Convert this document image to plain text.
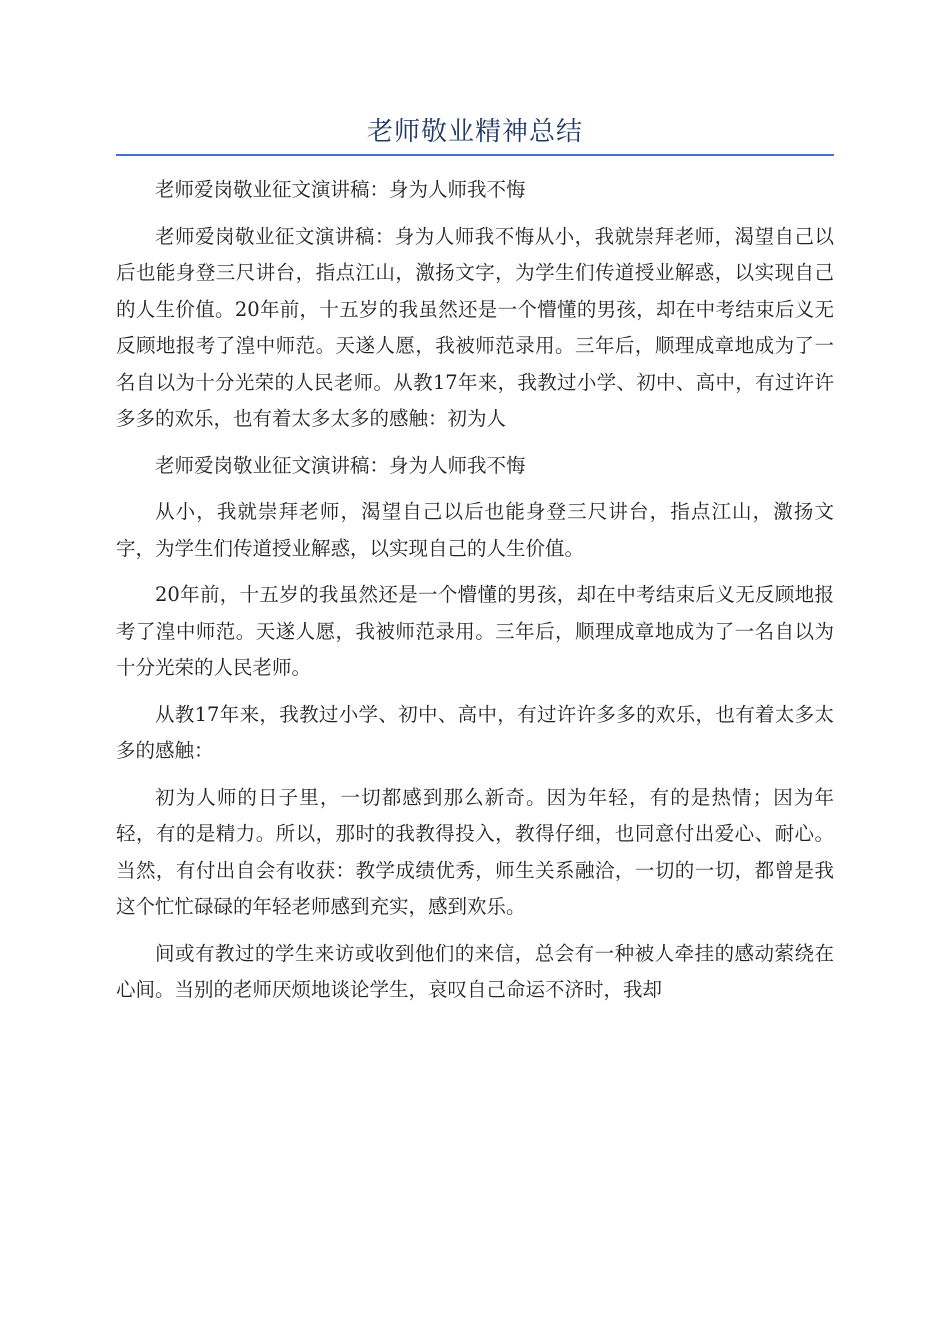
老师敬业精神总结

老师爱岗敬业征文演讲稿：身为人师我不悔

老师爱岗敬业征文演讲稿：身为人师我不悔从小，我就崇拜老师，渴望自己以后也能身登三尺讲台，指点江山，激扬文字，为学生们传道授业解惑，以实现自己的人生价值。20年前，十五岁的我虽然还是一个懵懂的男孩，却在中考结束后义无反顾地报考了湟中师范。天遂人愿，我被师范录用。三年后，顺理成章地成为了一名自以为十分光荣的人民老师。从教17年来，我教过小学、初中、高中，有过许许多多的欢乐，也有着太多太多的感触：初为人

老师爱岗敬业征文演讲稿：身为人师我不悔

从小，我就崇拜老师，渴望自己以后也能身登三尺讲台，指点江山，激扬文字，为学生们传道授业解惑，以实现自己的人生价值。

20年前，十五岁的我虽然还是一个懵懂的男孩，却在中考结束后义无反顾地报考了湟中师范。天遂人愿，我被师范录用。三年后，顺理成章地成为了一名自以为十分光荣的人民老师。

从教17年来，我教过小学、初中、高中，有过许许多多的欢乐，也有着太多太多的感触：

初为人师的日子里，一切都感到那么新奇。因为年轻，有的是热情；因为年轻，有的是精力。所以，那时的我教得投入，教得仔细，也同意付出爱心、耐心。当然，有付出自会有收获：教学成绩优秀，师生关系融洽，一切的一切，都曾是我这个忙忙碌碌的年轻老师感到充实，感到欢乐。

间或有教过的学生来访或收到他们的来信，总会有一种被人牵挂的感动萦绕在心间。当别的老师厌烦地谈论学生，哀叹自己命运不济时，我却
